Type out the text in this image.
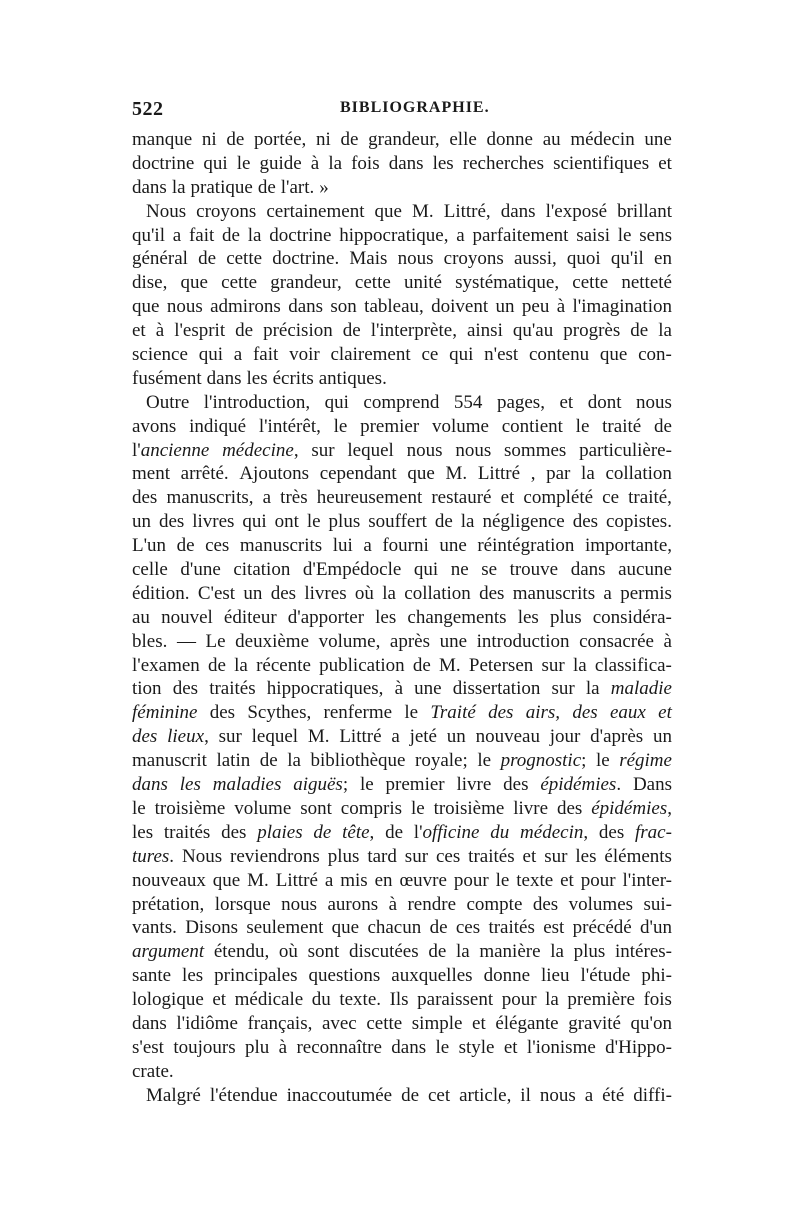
522	BIBLIOGRAPHIE.
manque ni de portée, ni de grandeur, elle donne au médecin une
doctrine qui le guide à la fois dans les recherches scientifiques et
dans la pratique de l'art. »
Nous croyons certainement que M. Littré, dans l'exposé brillant
qu'il a fait de la doctrine hippocratique, a parfaitement saisi le sens
général de cette doctrine. Mais nous croyons aussi, quoi qu'il en
dise, que cette grandeur, cette unité systématique, cette netteté
que nous admirons dans son tableau, doivent un peu à l'imagination
et à l'esprit de précision de l'interprète, ainsi qu'au progrès de la
science qui a fait voir clairement ce qui n'est contenu que con-
fusément dans les écrits antiques.
Outre l'introduction, qui comprend 554 pages, et dont nous
avons indiqué l'intérêt, le premier volume contient le traité de
l'ancienne médecine, sur lequel nous nous sommes particulière-
ment arrêté. Ajoutons cependant que M. Littré , par la collation
des manuscrits, a très heureusement restauré et complété ce traité,
un des livres qui ont le plus souffert de la négligence des copistes.
L'un de ces manuscrits lui a fourni une réintégration importante,
celle d'une citation d'Empédocle qui ne se trouve dans aucune
édition. C'est un des livres où la collation des manuscrits a permis
au nouvel éditeur d'apporter les changements les plus considéra-
bles. — Le deuxième volume, après une introduction consacrée à
l'examen de la récente publication de M. Petersen sur la classifica-
tion des traités hippocratiques, à une dissertation sur la maladie
féminine des Scythes, renferme le Traité des airs, des eaux et
des lieux, sur lequel M. Littré a jeté un nouveau jour d'après un
manuscrit latin de la bibliothèque royale; le prognostic; le régime
dans les maladies aiguës; le premier livre des épidémies. Dans
le troisième volume sont compris le troisième livre des épidémies,
les traités des plaies de tête, de l'officine du médecin, des frac-
tures. Nous reviendrons plus tard sur ces traités et sur les éléments
nouveaux que M. Littré a mis en œuvre pour le texte et pour l'inter-
prétation, lorsque nous aurons à rendre compte des volumes sui-
vants. Disons seulement que chacun de ces traités est précédé d'un
argument étendu, où sont discutées de la manière la plus intéres-
sante les principales questions auxquelles donne lieu l'étude phi-
lologique et médicale du texte. Ils paraissent pour la première fois
dans l'idiôme français, avec cette simple et élégante gravité qu'on
s'est toujours plu à reconnaître dans le style et l'ionisme d'Hippo-
crate.
Malgré l'étendue inaccoutumée de cet article, il nous a été diffi-
